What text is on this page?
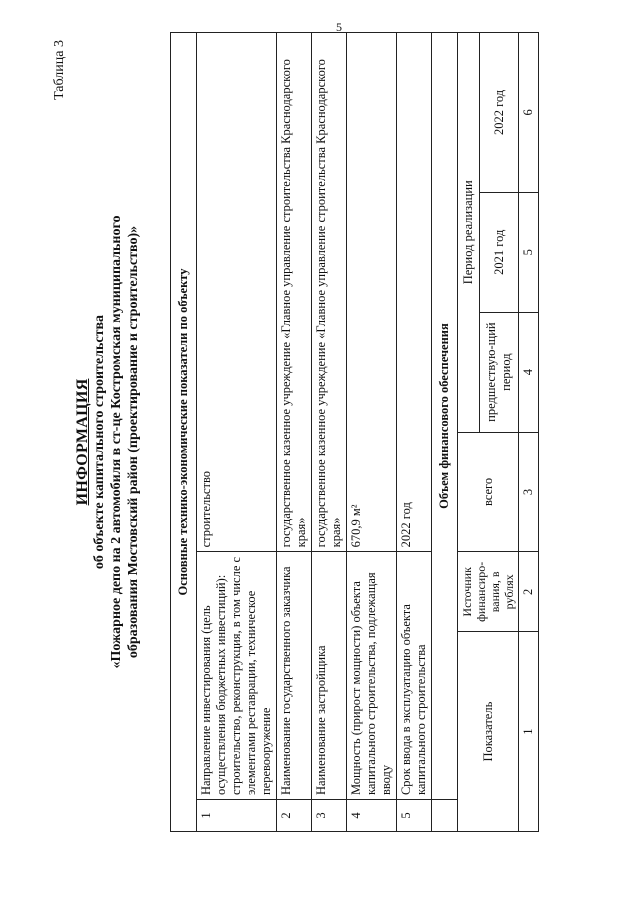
5
Таблица 3
ИНФОРМАЦИЯ об объекте капитального строительства «Пожарное депо на 2 автомобиля в ст-це Костромская муниципального образования Мостовский район (проектирование и строительство)»	Основные технико-экономические показатели по объекту						
1	Направление инвестирования (цель осуществления бюджетных инвестиций): строительство, реконструкция, в том числе с элементами реставрации, техническое перевооружение		строительство			
2	Наименование государственного заказчика		государственное казенное учреждение «Главное управление строительства Краснодарского края»			
3	Наименование застройщика		государственное казенное учреждение «Главное управление строительства Краснодарского края»			
4	Мощность (прирост мощности) объекта капитального строительства, подлежащая вводу		670,9 м²			
5	Срок ввода в эксплуатацию объекта капитального строительства		2022 год			
	Объем финансового обеспечения					
Показатель		Источник финансиро-вания, в рублях	всего	Период реализации		
				предшествую-щий период	2021 год	2022 год
1		2	3	4	5	6
